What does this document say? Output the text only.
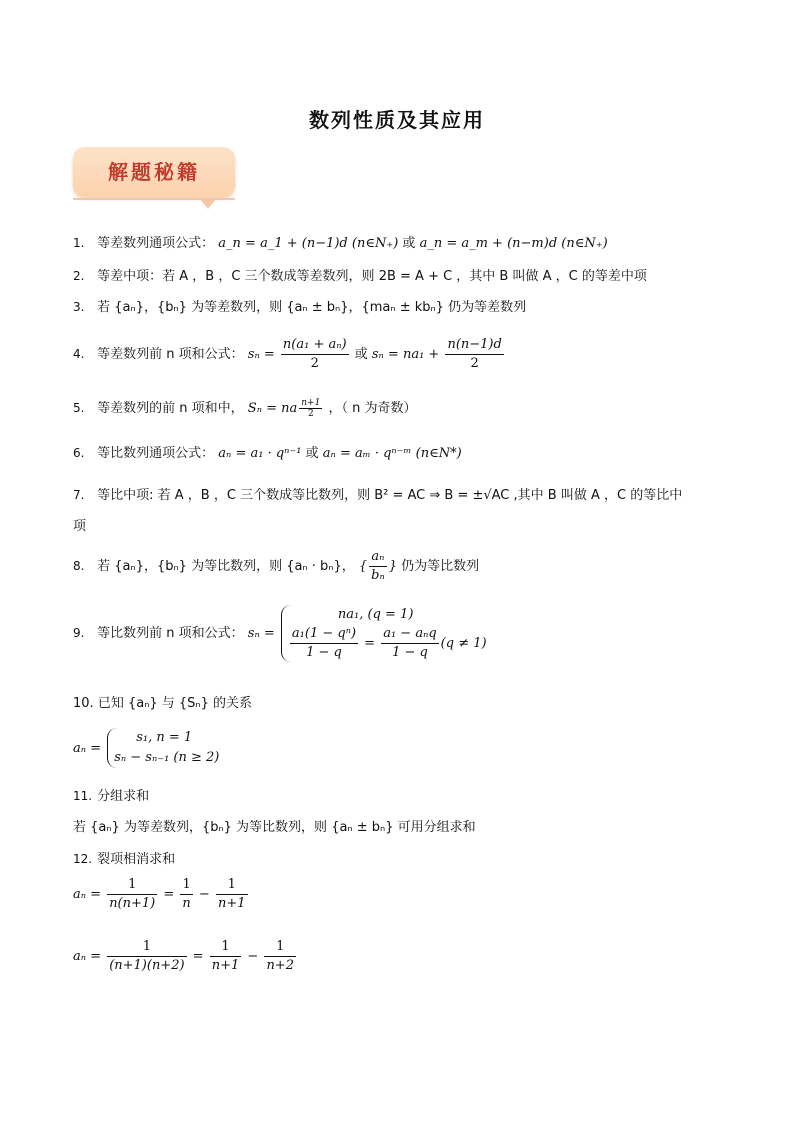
数列性质及其应用
解题秘籍
1. 等差数列通项公式： a_n = a_1 + (n−1)d (n∈N₊) 或 a_n = a_m + (n−m)d (n∈N₊)
2. 等差中项：若 A ，B ，C 三个数成等差数列，则 2B = A + C ，其中 B 叫做 A ，C 的等差中项
3. 若 {aₙ}，{bₙ} 为等差数列，则 {aₙ ± bₙ}，{maₙ ± kbₙ} 仍为等差数列
4. 等差数列前 n 项和公式： $s_n = \frac{\text{n(a₁ + aₙ)}}{2}$ 或 $s_n = na_1 + \frac{n(n-1)d}{2}$
5. 等差数列的前 n 项和中， Sₙ = na $\frac{n+1}{2}$ ，（ n 为奇数）
6. 等比数列通项公式： aₙ = a₁ · qⁿ⁻¹ 或 aₙ = aₘ · qⁿ⁻ᵐ (n∈N*)
7. 等比中项: 若 A ，B ，C 三个数成等比数列，则 B² = AC ⇒ B = ±√AC ,其中 B 叫做 A ，C 的等比中
项
8. 若 {aₙ}，{bₙ} 为等比数列，则 {aₙ · bₙ}， { $\frac{\text{aₙ}}{\text{bₙ}}$ } 仍为等比数列
9. 等比数列前 n 项和公式： sₙ =
na₁, (q = 1)
$\frac{\text{a₁(1 − qⁿ)}}{1 - q} = \frac{\text{a₁ − aₙq}}{1 - q} (q \ne 1)$
10. 已知 {aₙ} 与 {Sₙ} 的关系
aₙ =
s₁, n = 1
sₙ − sₙ₋₁ (n ≥ 2)
11. 分组求和
若 {aₙ} 为等差数列，{bₙ} 为等比数列，则 {aₙ ± bₙ} 可用分组求和
12. 裂项相消求和
$a_n = \frac{1}{n(n+1)} = \frac{1}{n} - \frac{1}{n+1}$
$a_n = \frac{1}{(n+1)(n+2)} = \frac{1}{n+1} - \frac{1}{n+2}$
